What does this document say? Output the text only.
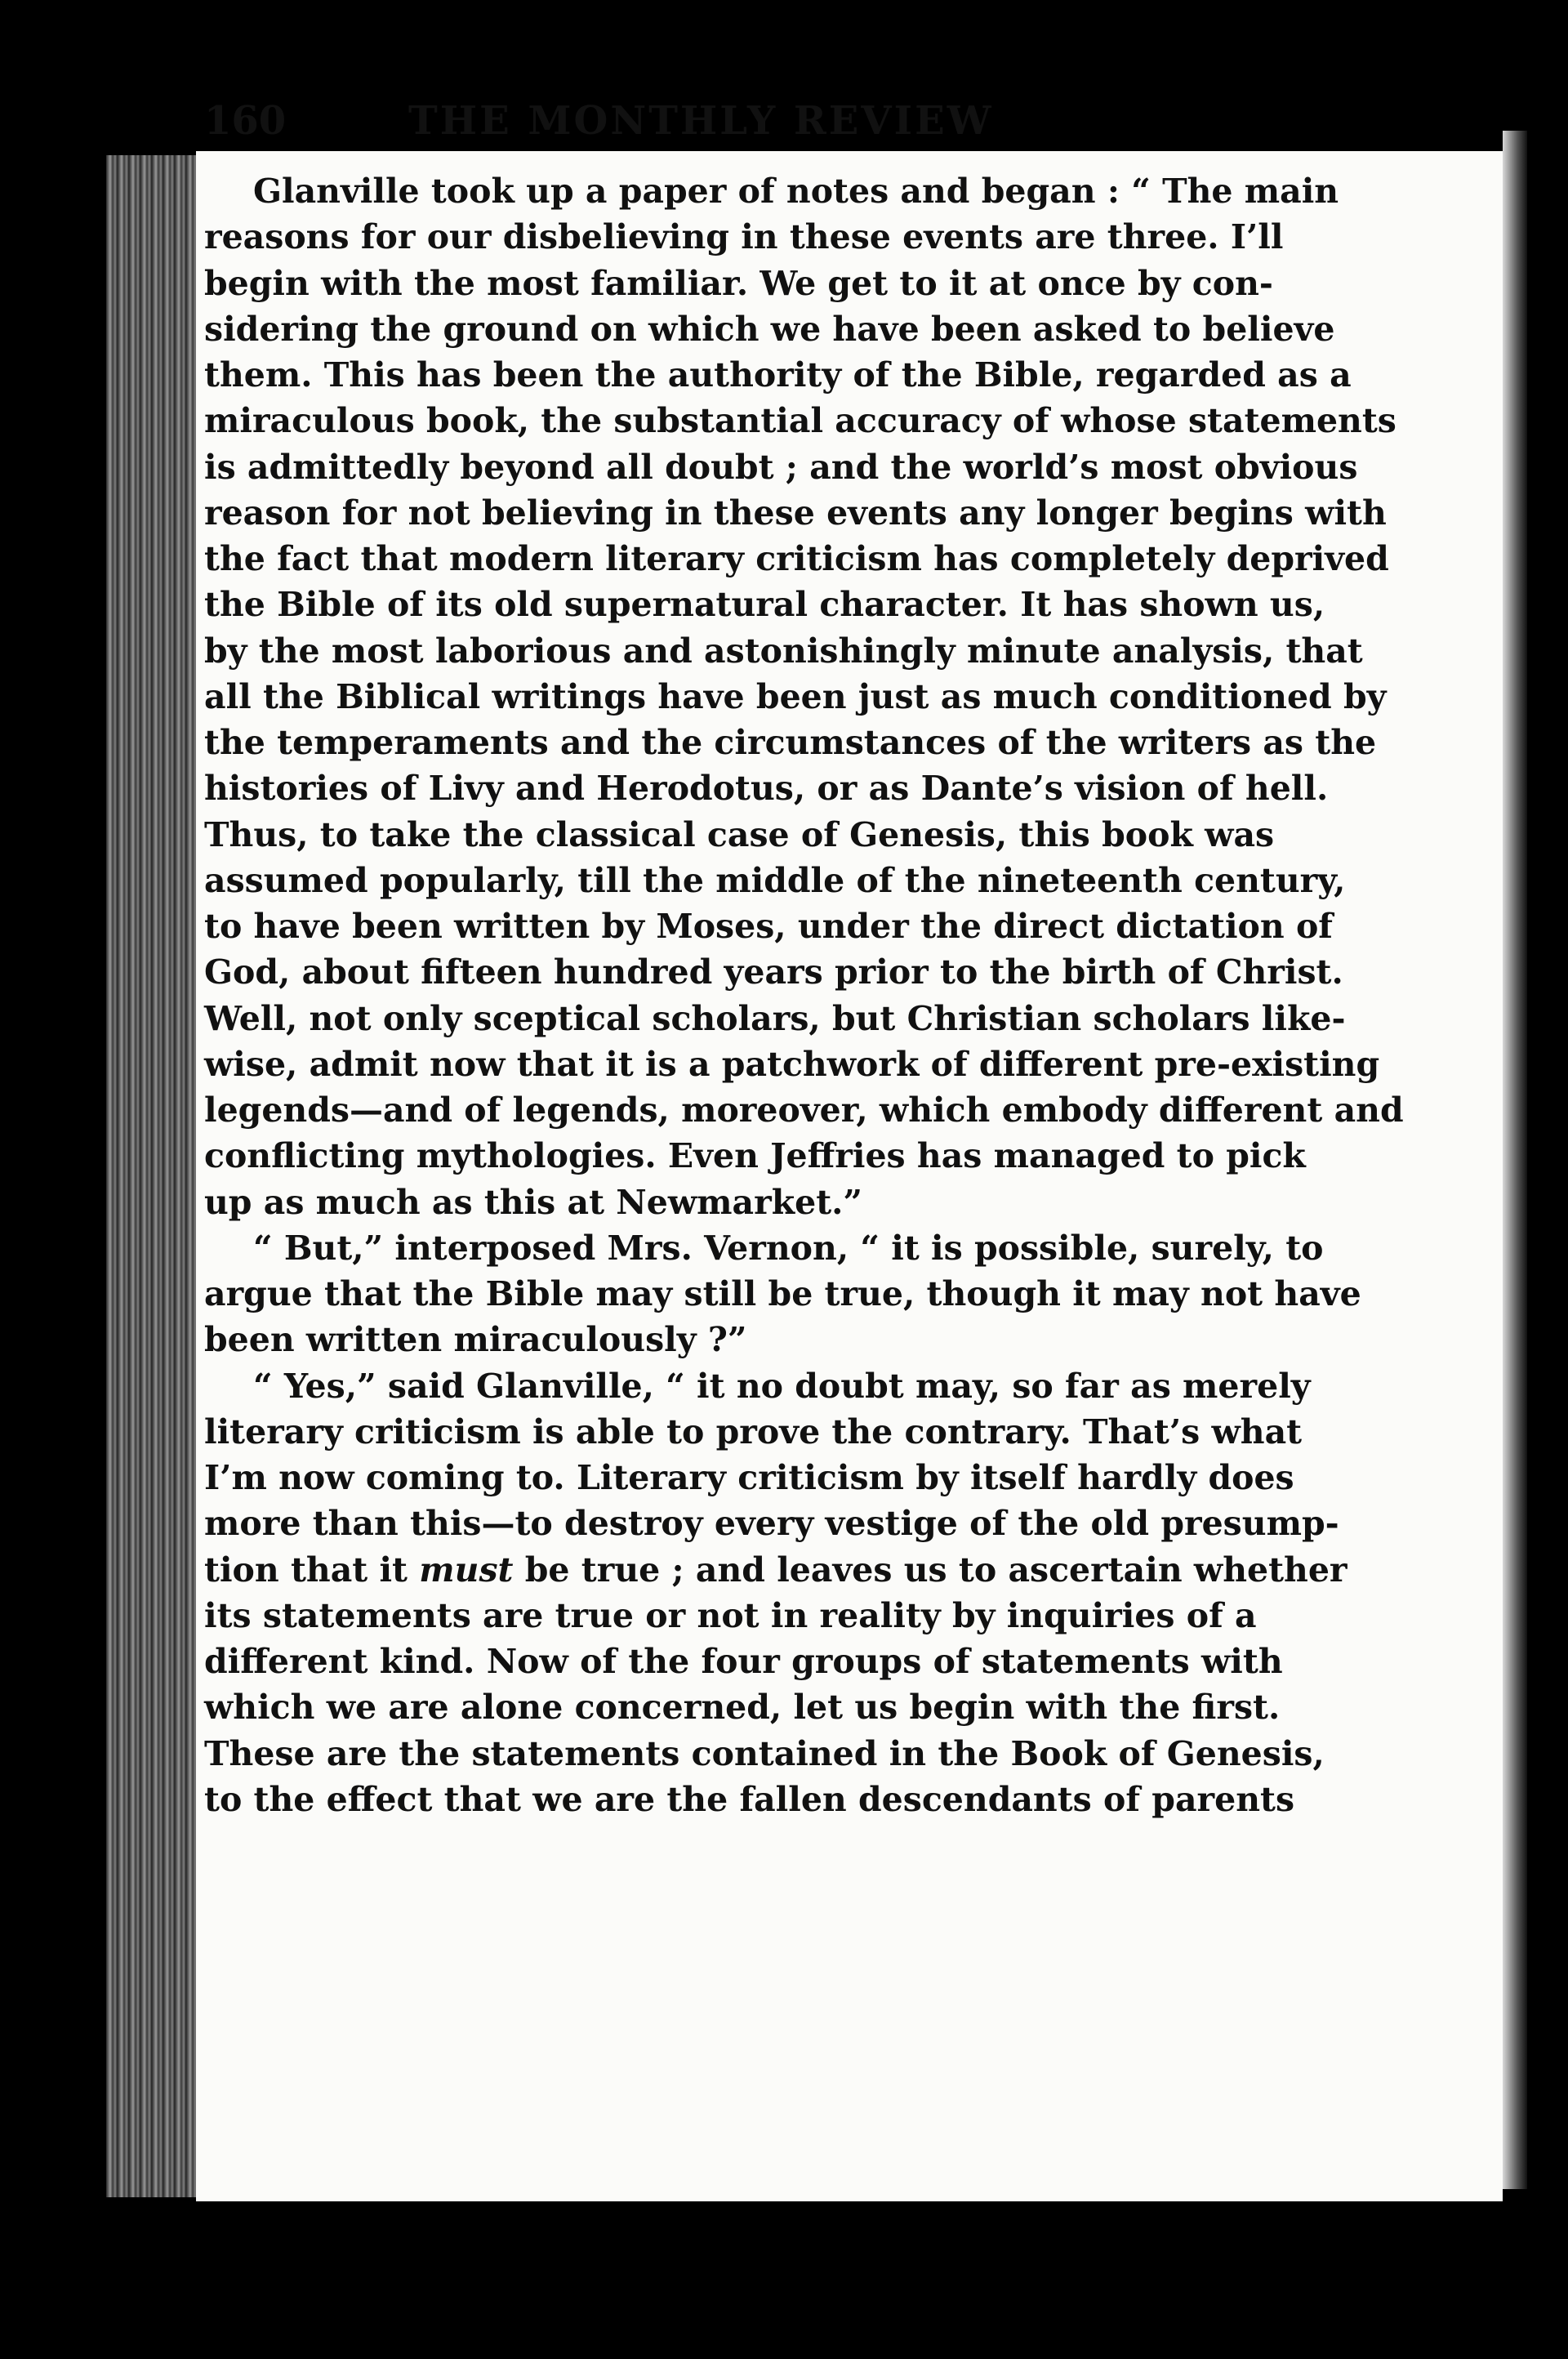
160	THE MONTHLY REVIEW
Glanville took up a paper of notes and began : “ The main
reasons for our disbelieving in these events are three. I’ll
begin with the most familiar. We get to it at once by con-
sidering the ground on which we have been asked to believe
them. This has been the authority of the Bible, regarded as a
miraculous book, the substantial accuracy of whose statements
is admittedly beyond all doubt ; and the world’s most obvious
reason for not believing in these events any longer begins with
the fact that modern literary criticism has completely deprived
the Bible of its old supernatural character. It has shown us,
by the most laborious and astonishingly minute analysis, that
all the Biblical writings have been just as much conditioned by
the temperaments and the circumstances of the writers as the
histories of Livy and Herodotus, or as Dante’s vision of hell.
Thus, to take the classical case of Genesis, this book was
assumed popularly, till the middle of the nineteenth century,
to have been written by Moses, under the direct dictation of
God, about fifteen hundred years prior to the birth of Christ.
Well, not only sceptical scholars, but Christian scholars like-
wise, admit now that it is a patchwork of different pre-existing
legends—and of legends, moreover, which embody different and
conflicting mythologies. Even Jeffries has managed to pick
up as much as this at Newmarket.”
“ But,” interposed Mrs. Vernon, “ it is possible, surely, to
argue that the Bible may still be true, though it may not have
been written miraculously ?”
“ Yes,” said Glanville, “ it no doubt may, so far as merely
literary criticism is able to prove the contrary. That’s what
I’m now coming to. Literary criticism by itself hardly does
more than this—to destroy every vestige of the old presump-
tion that it must be true ; and leaves us to ascertain whether
its statements are true or not in reality by inquiries of a
different kind. Now of the four groups of statements with
which we are alone concerned, let us begin with the first.
These are the statements contained in the Book of Genesis,
to the effect that we are the fallen descendants of parents
